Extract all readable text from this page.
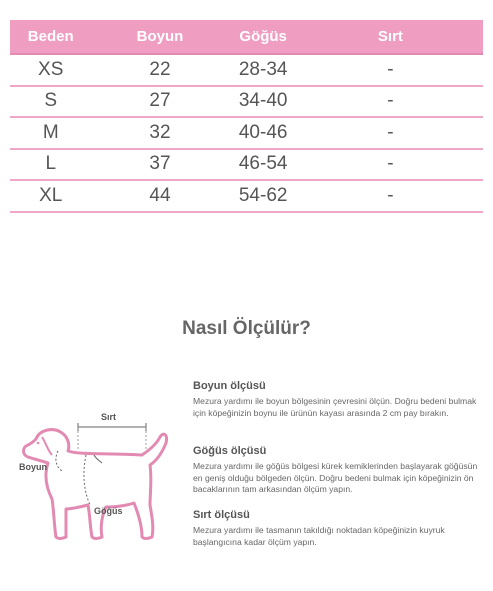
Beden	Boyun	Göğüs	Sırt
XS	22	28-34	-
S	27	34-40	-
M	32	40-46	-
L	37	46-54	-
XL	44	54-62	-
Nasıl Ölçülür?
Sırt
Boyun
Göğüs
Boyun ölçüsü

Mezura yardımı ile boyun bölgesinin çevresini ölçün. Doğru bedeni bulmak için köpeğinizin boynu ile ürünün kayası arasında 2 cm pay bırakın.

Göğüs ölçüsü

Mezura yardımı ile göğüs bölgesi kürek kemiklerinden başlayarak göğüsün en geniş olduğu bölgeden ölçün. Doğru bedeni bulmak için köpeğinizin ön bacaklarının tam arkasından ölçüm yapın.

Sırt ölçüsü

Mezura yardımı ile tasmanın takıldığı noktadan köpeğinizin kuyruk başlangıcına kadar ölçüm yapın.
